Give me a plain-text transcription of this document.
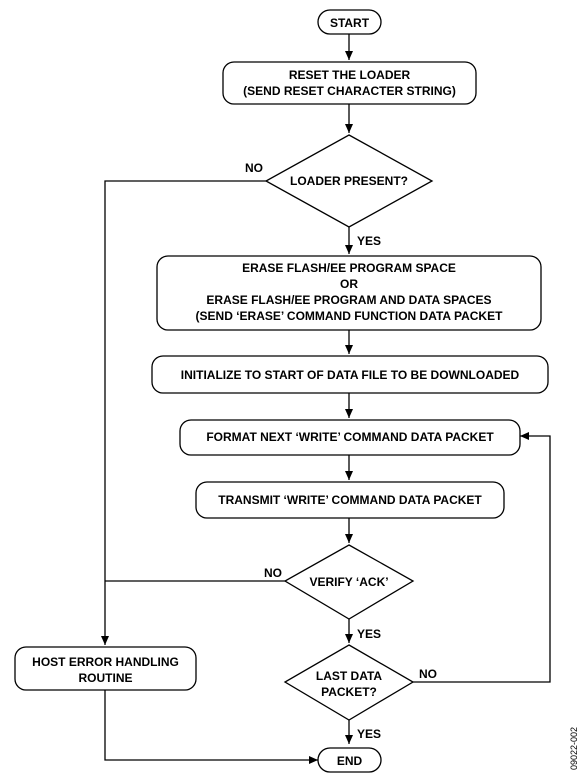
START
RESET THE LOADER
(SEND RESET CHARACTER STRING)
LOADER PRESENT?
ERASE FLASH/EE PROGRAM SPACE
OR
ERASE FLASH/EE PROGRAM AND DATA SPACES
(SEND ‘ERASE’ COMMAND FUNCTION DATA PACKET
INITIALIZE TO START OF DATA FILE TO BE DOWNLOADED
FORMAT NEXT ‘WRITE’ COMMAND DATA PACKET
TRANSMIT ‘WRITE’ COMMAND DATA PACKET
VERIFY ‘ACK’
LAST DATA
PACKET?
HOST ERROR HANDLING
ROUTINE
END
NO
YES
NO
YES
NO
YES	09022-002
